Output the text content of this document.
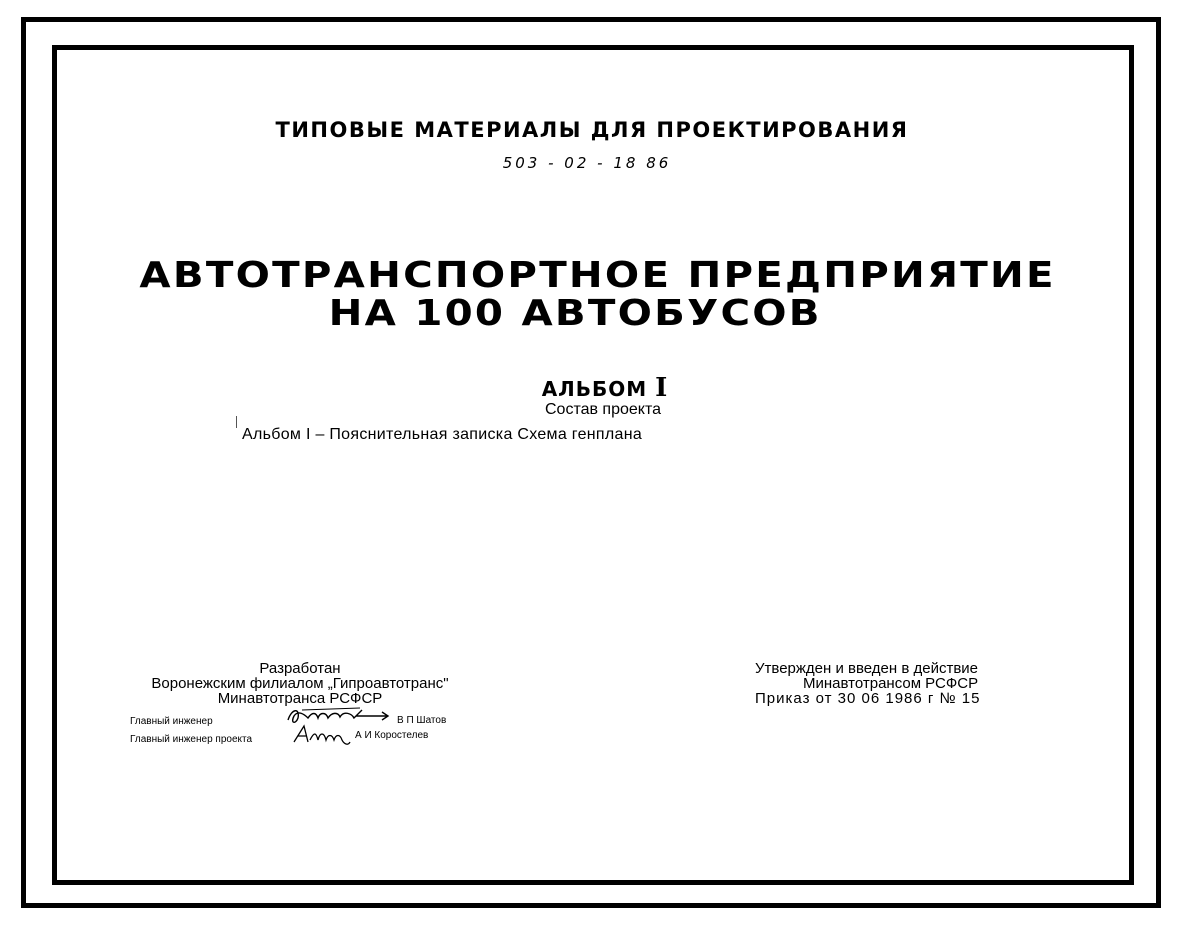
ТИПОВЫЕ МАТЕРИАЛЫ ДЛЯ ПРОЕКТИРОВАНИЯ
503 - 02 - 18 86
АВТОТРАНСПОРТНОЕ ПРЕДПРИЯТИЕ
НА 100 АВТОБУСОВ
АЛЬБОМ I
Состав проекта
Альбом I – Пояснительная записка Схема генплана
Разработан
Воронежским филиалом „Гипроавтотранс"
Минавтотранса РСФСР
Главный инженер	В П Шатов
Главный инженер проекта	А И Коростелев
Утвержден и введен в действие
Минавтотрансом РСФСР
Приказ от 30 06 1986 г № 15
